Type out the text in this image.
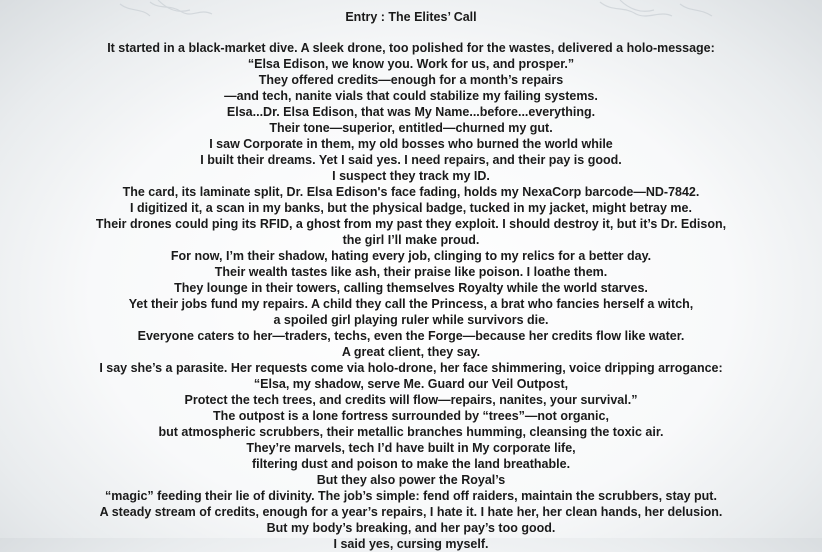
Entry : The Elites’ Call
It started in a black-market dive. A sleek drone, too polished for the wastes, delivered a holo-message:
“Elsa Edison, we know you. Work for us, and prosper.”
They offered credits—enough for a month’s repairs
—and tech, nanite vials that could stabilize my failing systems.
Elsa...Dr. Elsa Edison, that was My Name...before...everything.
Their tone—superior, entitled—churned my gut.
I saw Corporate in them, my old bosses who burned the world while
I built their dreams. Yet I said yes. I need repairs, and their pay is good.
I suspect they track my ID.
The card, its laminate split, Dr. Elsa Edison's face fading, holds my NexaCorp barcode—ND-7842.
I digitized it, a scan in my banks, but the physical badge, tucked in my jacket, might betray me.
Their drones could ping its RFID, a ghost from my past they exploit. I should destroy it, but it’s Dr. Edison,
the girl I’ll make proud.
For now, I’m their shadow, hating every job, clinging to my relics for a better day.
Their wealth tastes like ash, their praise like poison. I loathe them.
They lounge in their towers, calling themselves Royalty while the world starves.
Yet their jobs fund my repairs. A child they call the Princess, a brat who fancies herself a witch,
a spoiled girl playing ruler while survivors die.
Everyone caters to her—traders, techs, even the Forge—because her credits flow like water.
A great client, they say.
I say she’s a parasite. Her requests come via holo-drone, her face shimmering, voice dripping arrogance:
“Elsa, my shadow, serve Me. Guard our Veil Outpost,
Protect the tech trees, and credits will flow—repairs, nanites, your survival.”
The outpost is a lone fortress surrounded by “trees”—not organic,
but atmospheric scrubbers, their metallic branches humming, cleansing the toxic air.
They’re marvels, tech I’d have built in My corporate life,
filtering dust and poison to make the land breathable.
But they also power the Royal’s
“magic” feeding their lie of divinity. The job’s simple: fend off raiders, maintain the scrubbers, stay put.
A steady stream of credits, enough for a year’s repairs, I hate it. I hate her, her clean hands, her delusion.
But my body’s breaking, and her pay’s too good.
I said yes, cursing myself.
